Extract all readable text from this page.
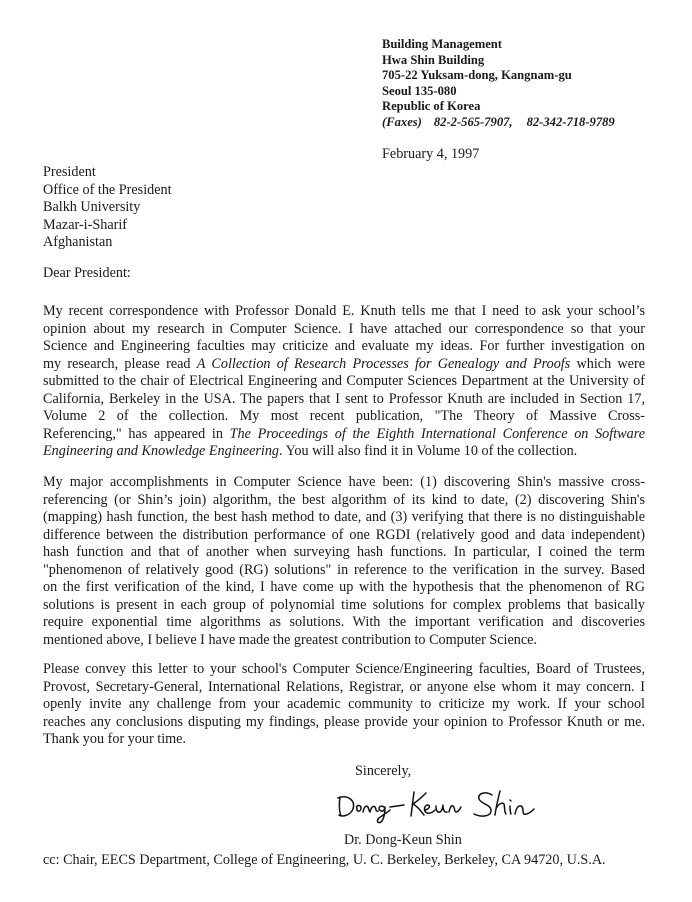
Building Management
Hwa Shin Building
705-22 Yuksam-dong, Kangnam-gu
Seoul 135-080
Republic of Korea
(Faxes) 82-2-565-7907, 82-342-718-9789
February 4, 1997
President
Office of the President
Balkh University
Mazar-i-Sharif
Afghanistan
Dear President:
My recent correspondence with Professor Donald E. Knuth tells me that I need to ask your school’s
opinion about my research in Computer Science. I have attached our correspondence so that your
Science and Engineering faculties may criticize and evaluate my ideas. For further investigation on
my research, please read A Collection of Research Processes for Genealogy and Proofs which were
submitted to the chair of Electrical Engineering and Computer Sciences Department at the University of
California, Berkeley in the USA. The papers that I sent to Professor Knuth are included in Section 17,
Volume 2 of the collection. My most recent publication, "The Theory of Massive Cross-
Referencing," has appeared in The Proceedings of the Eighth International Conference on Software
Engineering and Knowledge Engineering. You will also find it in Volume 10 of the collection.
My major accomplishments in Computer Science have been: (1) discovering Shin's massive cross-
referencing (or Shin’s join) algorithm, the best algorithm of its kind to date, (2) discovering Shin's
(mapping) hash function, the best hash method to date, and (3) verifying that there is no distinguishable
difference between the distribution performance of one RGDI (relatively good and data independent)
hash function and that of another when surveying hash functions. In particular, I coined the term
"phenomenon of relatively good (RG) solutions" in reference to the verification in the survey. Based
on the first verification of the kind, I have come up with the hypothesis that the phenomenon of RG
solutions is present in each group of polynomial time solutions for complex problems that basically
require exponential time algorithms as solutions. With the important verification and discoveries
mentioned above, I believe I have made the greatest contribution to Computer Science.
Please convey this letter to your school's Computer Science/Engineering faculties, Board of Trustees,
Provost, Secretary-General, International Relations, Registrar, or anyone else whom it may concern. I
openly invite any challenge from your academic community to criticize my work. If your school
reaches any conclusions disputing my findings, please provide your opinion to Professor Knuth or me.
Thank you for your time.
Sincerely,
Dr. Dong-Keun Shin
cc: Chair, EECS Department, College of Engineering, U. C. Berkeley, Berkeley, CA 94720, U.S.A.
